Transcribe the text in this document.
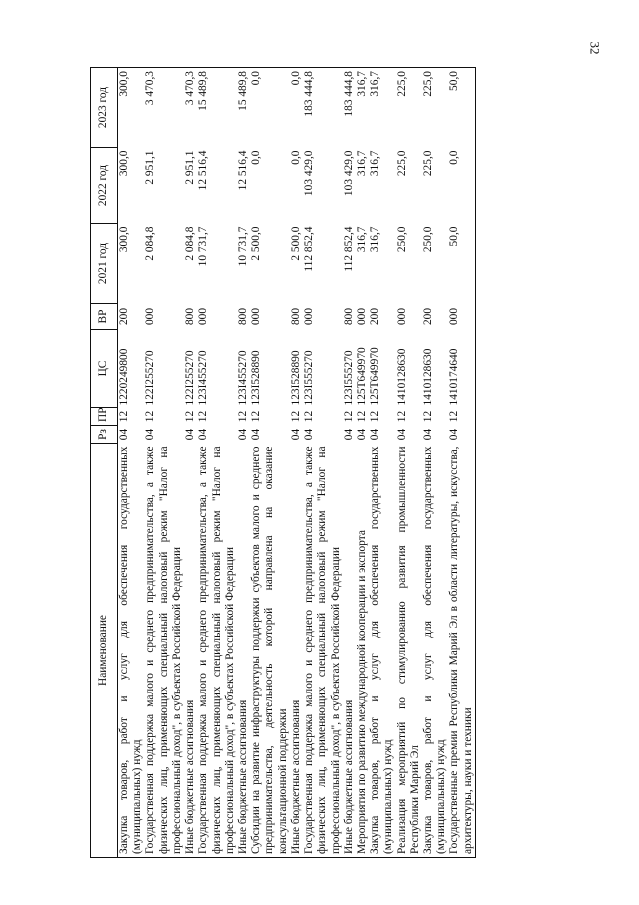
32
Наименование	Рз	ПР	ЦС	ВР	2021 год	2022 год	2023 год
Закупка товаров, работ и услуг для обеспечения государственных (муниципальных) нужд	04	12	1220249800	200	300,0	300,0	300,0
Государственная поддержка малого и среднего предпринимательства, а также физических лиц, применяющих специальный налоговый режим "Налог на профессиональный доход", в субъектах Российской Федерации	04	12	122I255270	000	2 084,8	2 951,1	3 470,3
Иные бюджетные ассигнования	04	12	122I255270	800	2 084,8	2 951,1	3 470,3
Государственная поддержка малого и среднего предпринимательства, а также физических лиц, применяющих специальный налоговый режим "Налог на профессиональный доход", в субъектах Российской Федерации	04	12	123I455270	000	10 731,7	12 516,4	15 489,8
Иные бюджетные ассигнования	04	12	123I455270	800	10 731,7	12 516,4	15 489,8
Субсидии на развитие инфраструктуры поддержки субъектов малого и среднего предпринимательства, деятельность которой направлена на оказание консультационной поддержки	04	12	123I528890	000	2 500,0	0,0	0,0
Иные бюджетные ассигнования	04	12	123I528890	800	2 500,0	0,0	0,0
Государственная поддержка малого и среднего предпринимательства, а также физических лиц, применяющих специальный налоговый режим "Налог на профессиональный доход", в субъектах Российской Федерации	04	12	123I555270	000	112 852,4	103 429,0	183 444,8
Иные бюджетные ассигнования	04	12	123I555270	800	112 852,4	103 429,0	183 444,8
Мероприятия по развитию международной кооперации и экспорта	04	12	125T649970	000	316,7	316,7	316,7
Закупка товаров, работ и услуг для обеспечения государственных (муниципальных) нужд	04	12	125T649970	200	316,7	316,7	316,7
Реализация мероприятий по стимулированию развития промышленности Республики Марий Эл	04	12	1410128630	000	250,0	225,0	225,0
Закупка товаров, работ и услуг для обеспечения государственных (муниципальных) нужд	04	12	1410128630	200	250,0	225,0	225,0
Государственные премии Республики Марий Эл в области литературы, искусства, архитектуры, науки и техники	04	12	1410174640	000	50,0	0,0	50,0
